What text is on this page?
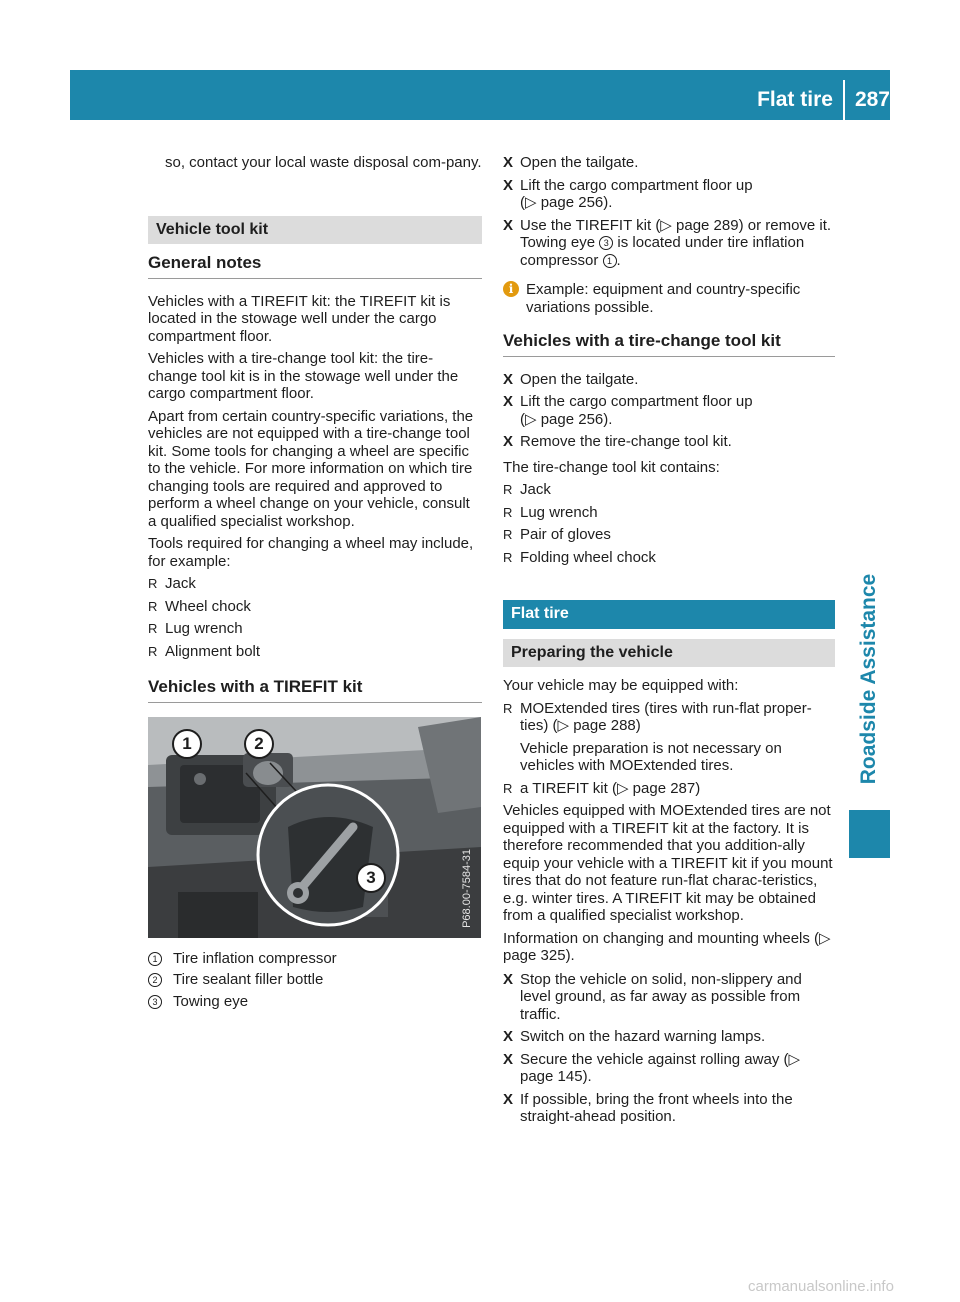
Flat tire 287
Roadside Assistance

so, contact your local waste disposal com-pany.

Vehicle tool kit
General notes

Vehicles with a TIREFIT kit: the TIREFIT kit is located in the stowage well under the cargo compartment floor.

Vehicles with a tire-change tool kit: the tire-change tool kit is in the stowage well under the cargo compartment floor.

Apart from certain country-specific variations, the vehicles are not equipped with a tire-change tool kit. Some tools for changing a wheel are specific to the vehicle. For more information on which tire changing tools are required and approved to perform a wheel change on your vehicle, consult a qualified specialist workshop.

Tools required for changing a wheel may include, for example:

R Jack
R Wheel chock
R Lug wrench
R Alignment bolt
Vehicles with a TIREFIT kit
1	2
3	P68.00-7584-31
1	Tire inflation compressor
2	Tire sealant filler bottle
3	Towing eye
X Open the tailgate.
X Lift the cargo compartment floor up
(▷ page 256).
X Use the TIREFIT kit (▷ page 289) or remove it.
Towing eye 3 is located under tire inflation compressor 1 .
i Example: equipment and country-specific variations possible.
Vehicles with a tire-change tool kit
X Open the tailgate.
X Lift the cargo compartment floor up
(▷ page 256).
X Remove the tire-change tool kit.

The tire-change tool kit contains:

R Jack
R Lug wrench
R Pair of gloves
R Folding wheel chock
Flat tire
Preparing the vehicle

Your vehicle may be equipped with:

R MOExtended tires (tires with run-flat proper-ties) (▷ page 288)

Vehicle preparation is not necessary on vehicles with MOExtended tires.

R a TIREFIT kit (▷ page 287)

Vehicles equipped with MOExtended tires are not equipped with a TIREFIT kit at the factory. It is therefore recommended that you addition-ally equip your vehicle with a TIREFIT kit if you mount tires that do not feature run-flat charac-teristics, e.g. winter tires. A TIREFIT kit may be obtained from a qualified specialist workshop.

Information on changing and mounting wheels (▷ page 325).

X Stop the vehicle on solid, non-slippery and level ground, as far away as possible from traffic.
X Switch on the hazard warning lamps.
X Secure the vehicle against rolling away (▷ page 145).
X If possible, bring the front wheels into the straight-ahead position.
carmanualsonline.info
